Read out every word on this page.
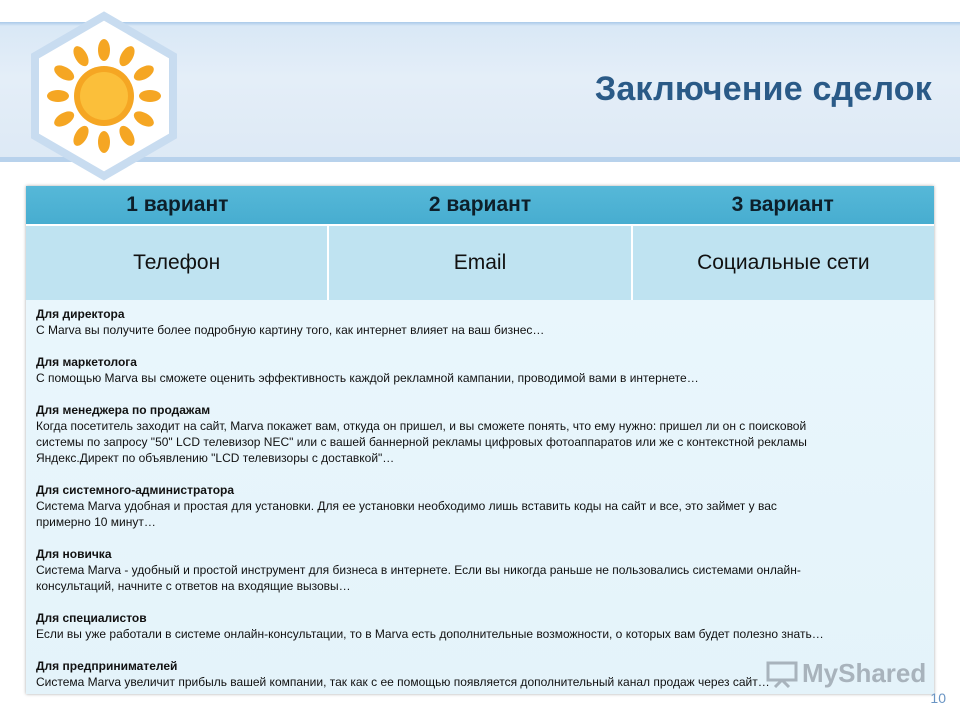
Заключение сделок
1 вариант	2 вариант	3 вариант
Телефон	Email	Социальные сети
Для директора
С Marva вы получите более подробную картину того, как интернет влияет на ваш бизнес…
Для маркетолога
С помощью Marva вы сможете оценить эффективность каждой рекламной кампании, проводимой вами в интернете…
Для менеджера по продажам
Когда посетитель заходит на сайт, Marva покажет вам, откуда он пришел, и вы сможете понять, что ему нужно: пришел ли он с поисковой
системы по запросу "50" LCD телевизор NEC" или с вашей баннерной рекламы цифровых фотоаппаратов или же с контекстной рекламы
Яндекс.Директ по объявлению "LCD телевизоры с доставкой"…
Для системного-администратора
Система Marva удобная и простая для установки. Для ее установки необходимо лишь вставить коды на сайт и все, это займет у вас
примерно 10 минут…
Для новичка
Система Marva - удобный и простой инструмент для бизнеса в интернете. Если вы никогда раньше не пользовались системами онлайн-
консультаций, начните с ответов на входящие вызовы…
Для специалистов
Если вы уже работали в системе онлайн-консультации, то в Marva есть дополнительные возможности, о которых вам будет полезно знать…
Для предпринимателей
Система Marva увеличит прибыль вашей компании, так как с ее помощью появляется дополнительный канал продаж через сайт…	MyShared
10
